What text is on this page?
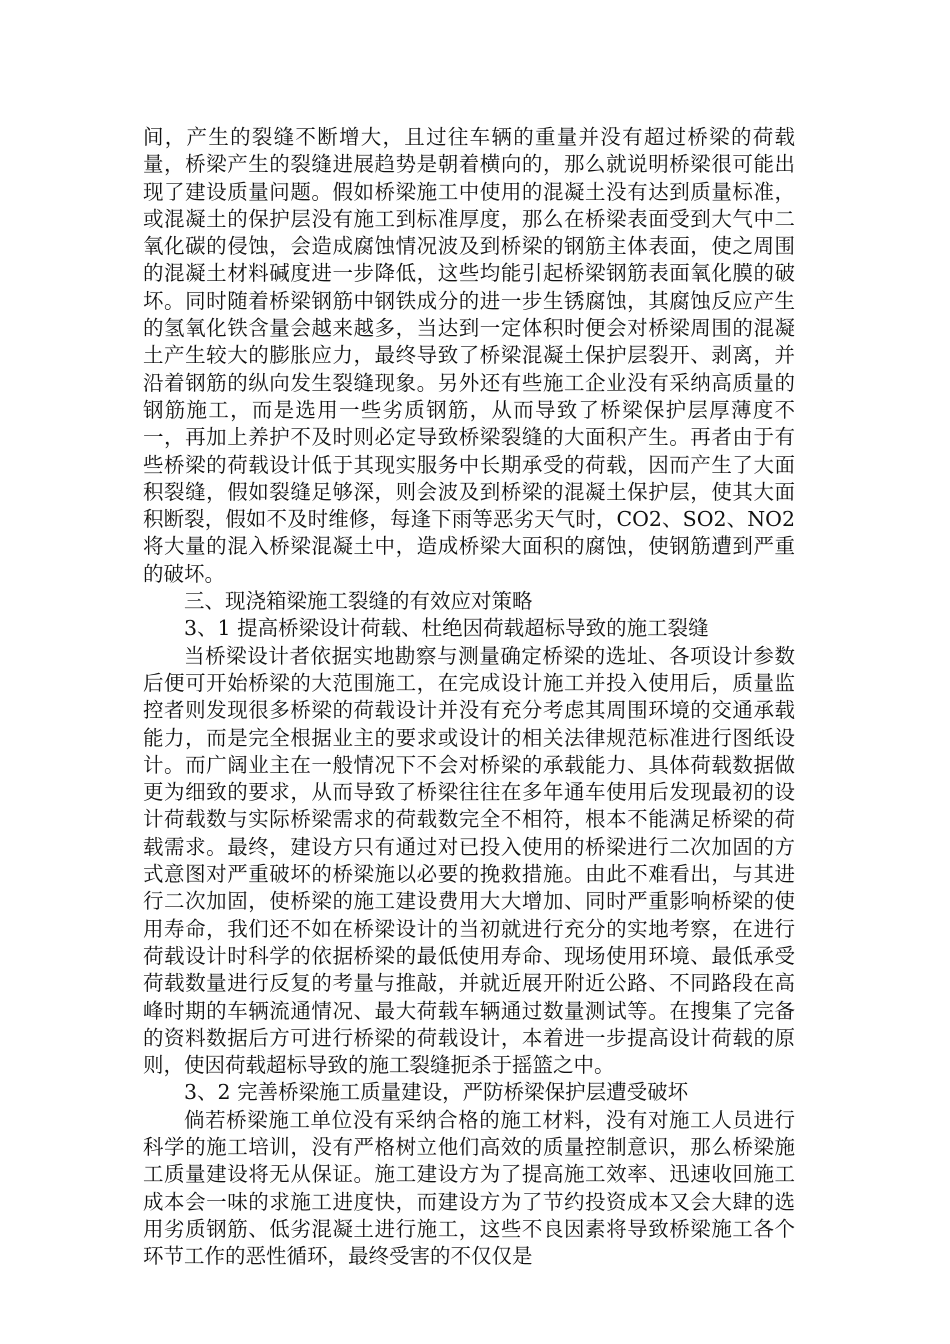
间，产生的裂缝不断增大，且过往车辆的重量并没有超过桥梁的荷载量，桥梁产生的裂缝进展趋势是朝着横向的，那么就说明桥梁很可能出现了建设质量问题。假如桥梁施工中使用的混凝土没有达到质量标准，或混凝土的保护层没有施工到标准厚度，那么在桥梁表面受到大气中二氧化碳的侵蚀，会造成腐蚀情况波及到桥梁的钢筋主体表面，使之周围的混凝土材料碱度进一步降低，这些均能引起桥梁钢筋表面氧化膜的破坏。同时随着桥梁钢筋中钢铁成分的进一步生锈腐蚀，其腐蚀反应产生的氢氧化铁含量会越来越多，当达到一定体积时便会对桥梁周围的混凝土产生较大的膨胀应力，最终导致了桥梁混凝土保护层裂开、剥离，并沿着钢筋的纵向发生裂缝现象。另外还有些施工企业没有采纳高质量的钢筋施工，而是选用一些劣质钢筋，从而导致了桥梁保护层厚薄度不一，再加上养护不及时则必定导致桥梁裂缝的大面积产生。再者由于有些桥梁的荷载设计低于其现实服务中长期承受的荷载，因而产生了大面积裂缝，假如裂缝足够深，则会波及到桥梁的混凝土保护层，使其大面积断裂，假如不及时维修，每逢下雨等恶劣天气时，CO2、SO2、NO2 将大量的混入桥梁混凝土中，造成桥梁大面积的腐蚀，使钢筋遭到严重的破坏。

三、现浇箱梁施工裂缝的有效应对策略

3、1 提高桥梁设计荷载、杜绝因荷载超标导致的施工裂缝

当桥梁设计者依据实地勘察与测量确定桥梁的选址、各项设计参数后便可开始桥梁的大范围施工，在完成设计施工并投入使用后，质量监控者则发现很多桥梁的荷载设计并没有充分考虑其周围环境的交通承载能力，而是完全根据业主的要求或设计的相关法律规范标准进行图纸设计。而广阔业主在一般情况下不会对桥梁的承载能力、具体荷载数据做更为细致的要求，从而导致了桥梁往往在多年通车使用后发现最初的设计荷载数与实际桥梁需求的荷载数完全不相符，根本不能满足桥梁的荷载需求。最终，建设方只有通过对已投入使用的桥梁进行二次加固的方式意图对严重破坏的桥梁施以必要的挽救措施。由此不难看出，与其进行二次加固，使桥梁的施工建设费用大大增加、同时严重影响桥梁的使用寿命，我们还不如在桥梁设计的当初就进行充分的实地考察，在进行荷载设计时科学的依据桥梁的最低使用寿命、现场使用环境、最低承受荷载数量进行反复的考量与推敲，并就近展开附近公路、不同路段在高峰时期的车辆流通情况、最大荷载车辆通过数量测试等。在搜集了完备的资料数据后方可进行桥梁的荷载设计，本着进一步提高设计荷载的原则，使因荷载超标导致的施工裂缝扼杀于摇篮之中。

3、2 完善桥梁施工质量建设，严防桥梁保护层遭受破坏

倘若桥梁施工单位没有采纳合格的施工材料，没有对施工人员进行科学的施工培训，没有严格树立他们高效的质量控制意识，那么桥梁施工质量建设将无从保证。施工建设方为了提高施工效率、迅速收回施工成本会一味的求施工进度快，而建设方为了节约投资成本又会大肆的选用劣质钢筋、低劣混凝土进行施工，这些不良因素将导致桥梁施工各个环节工作的恶性循环，最终受害的不仅仅是
